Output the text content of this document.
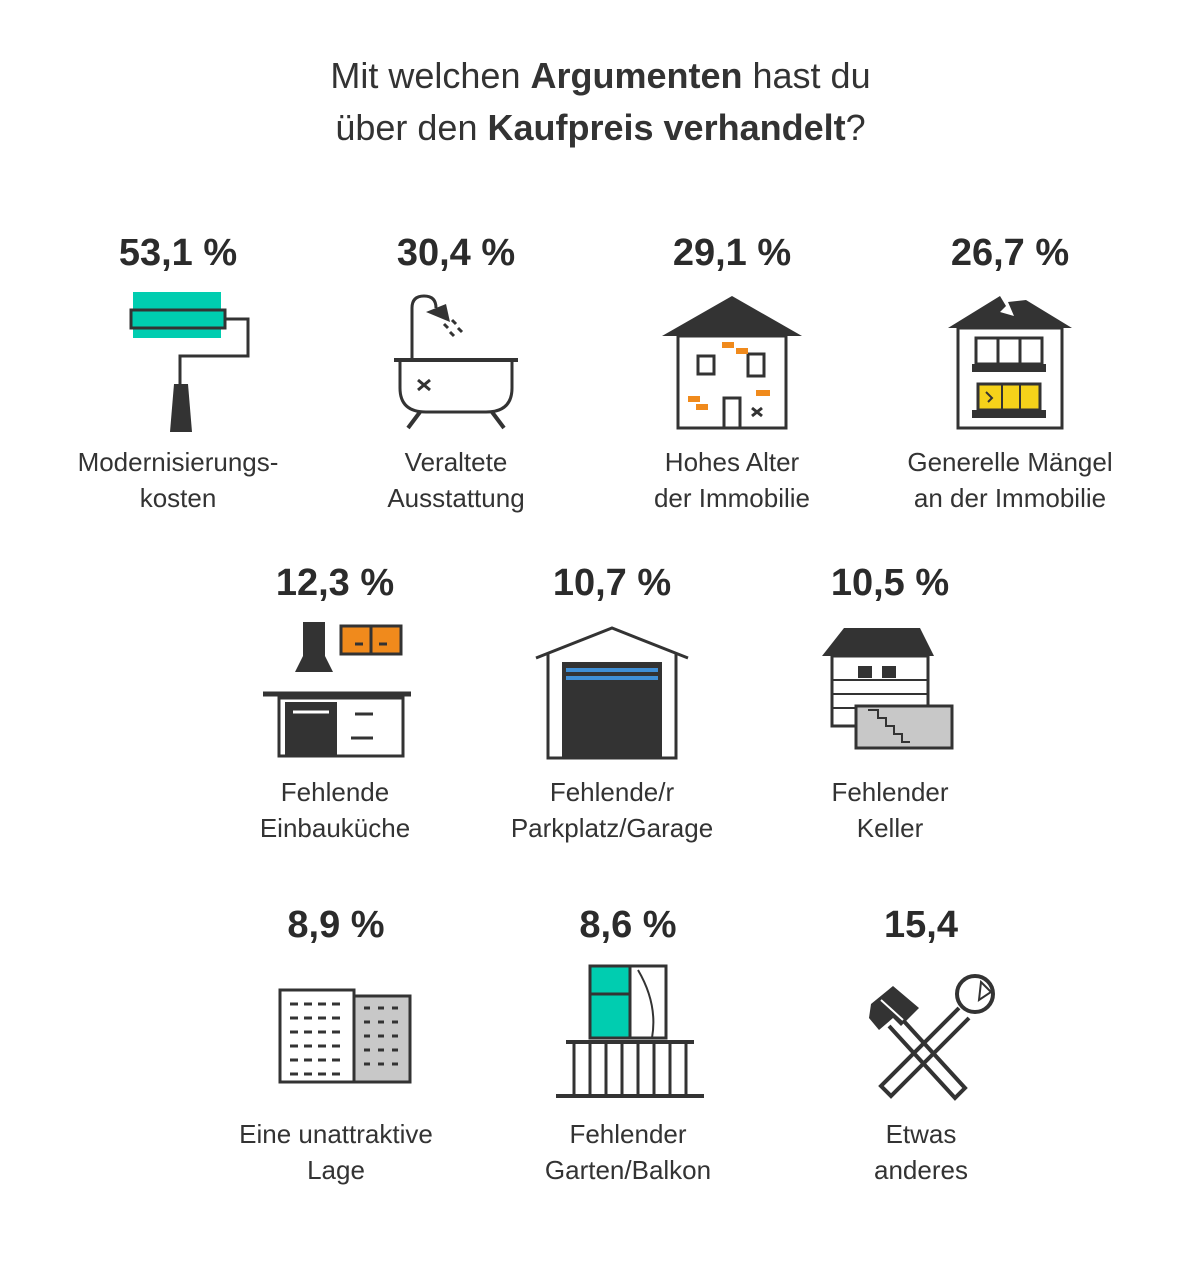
Mit welchen Argumenten hast du
über den Kaufpreis verhandelt?
53,1 %
Modernisierungs-
kosten
30,4 %
Veraltete
Ausstattung
29,1 %
Hohes Alter
der Immobilie
26,7 %
Generelle Mängel
an der Immobilie
12,3 %
Fehlende
Einbauküche
10,7 %
Fehlende/r
Parkplatz/Garage
10,5 %
Fehlender
Keller
8,9 %
Eine unattraktive
Lage
8,6 %
Fehlender
Garten/Balkon
15,4
Etwas
anderes
